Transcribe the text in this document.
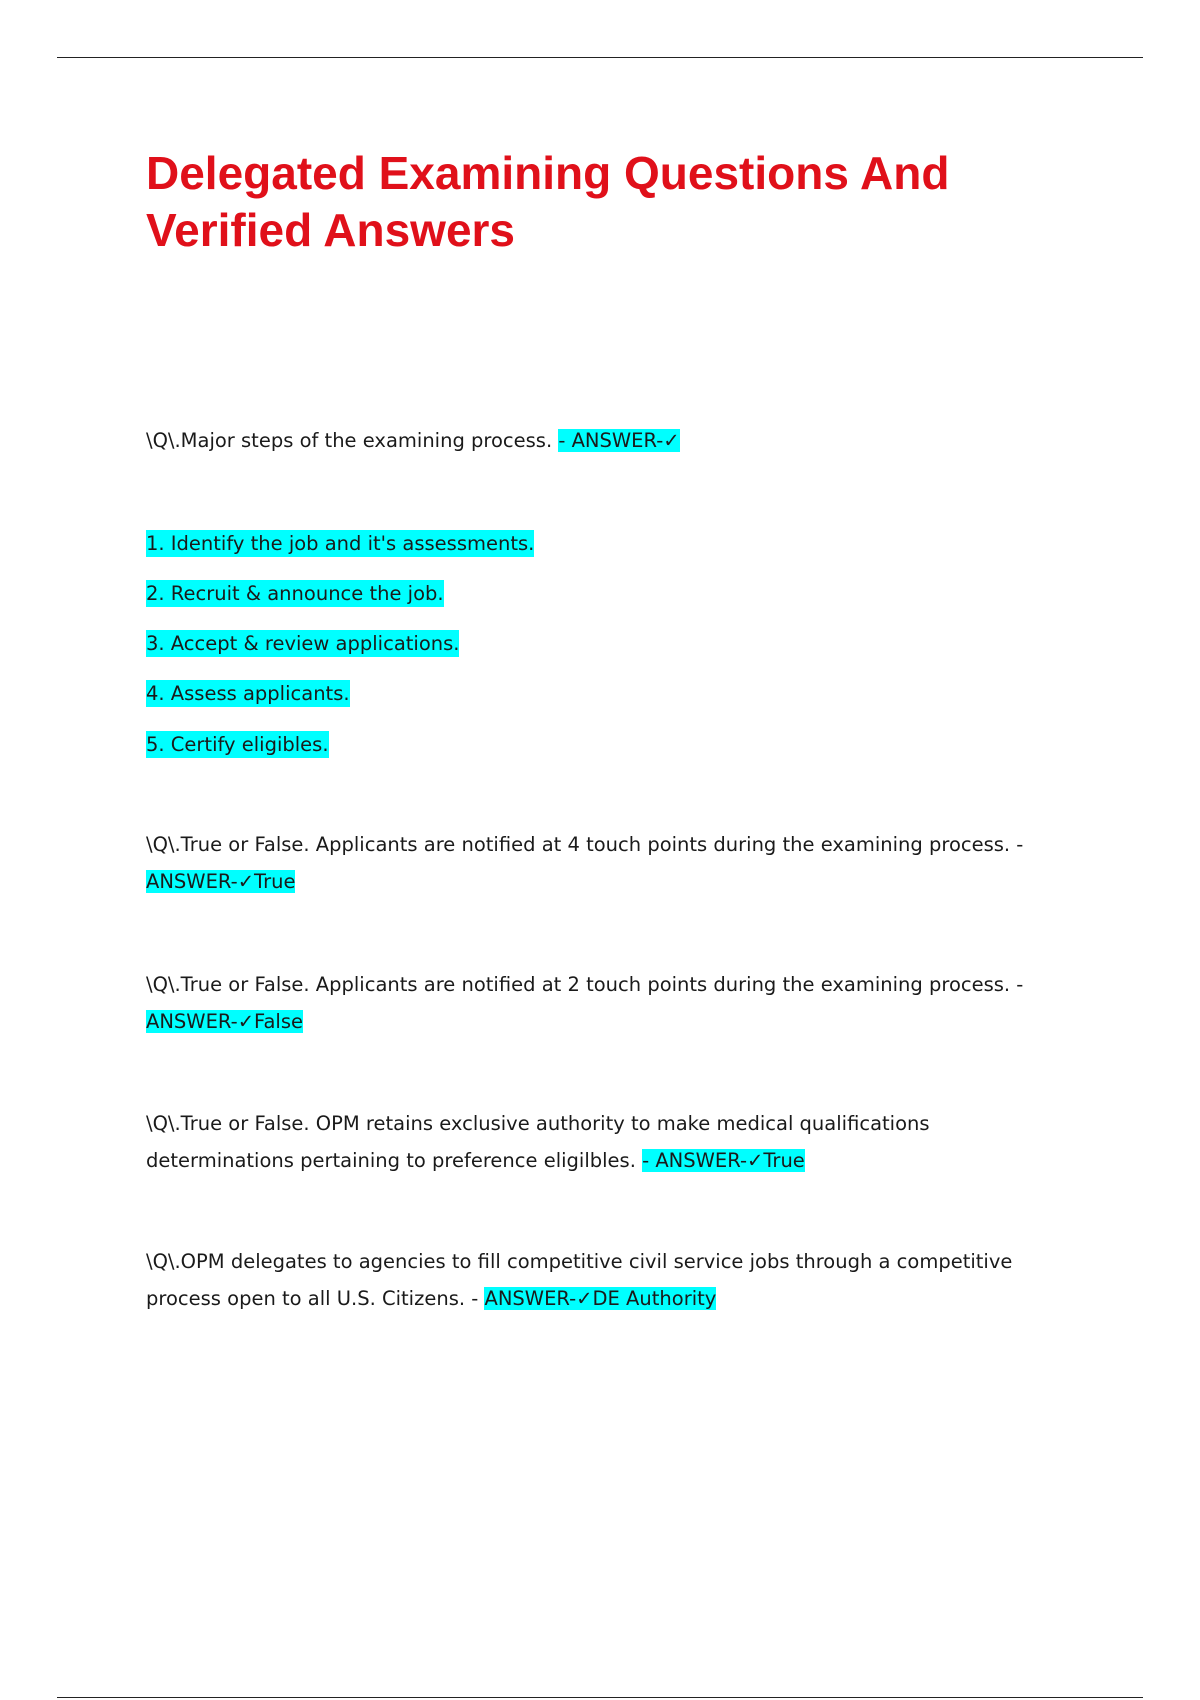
Delegated Examining Questions And Verified Answers

\Q\.Major steps of the examining process. - ANSWER-✓

1. Identify the job and it's assessments.

2. Recruit & announce the job.

3. Accept & review applications.

4. Assess applicants.

5. Certify eligibles.

\Q\.True or False. Applicants are notified at 4 touch points during the examining process. -
ANSWER-✓True

\Q\.True or False. Applicants are notified at 2 touch points during the examining process. -
ANSWER-✓False

\Q\.True or False. OPM retains exclusive authority to make medical qualifications determinations pertaining to preference eligilbles. - ANSWER-✓True

\Q\.OPM delegates to agencies to fill competitive civil service jobs through a competitive process open to all U.S. Citizens. - ANSWER-✓DE Authority
